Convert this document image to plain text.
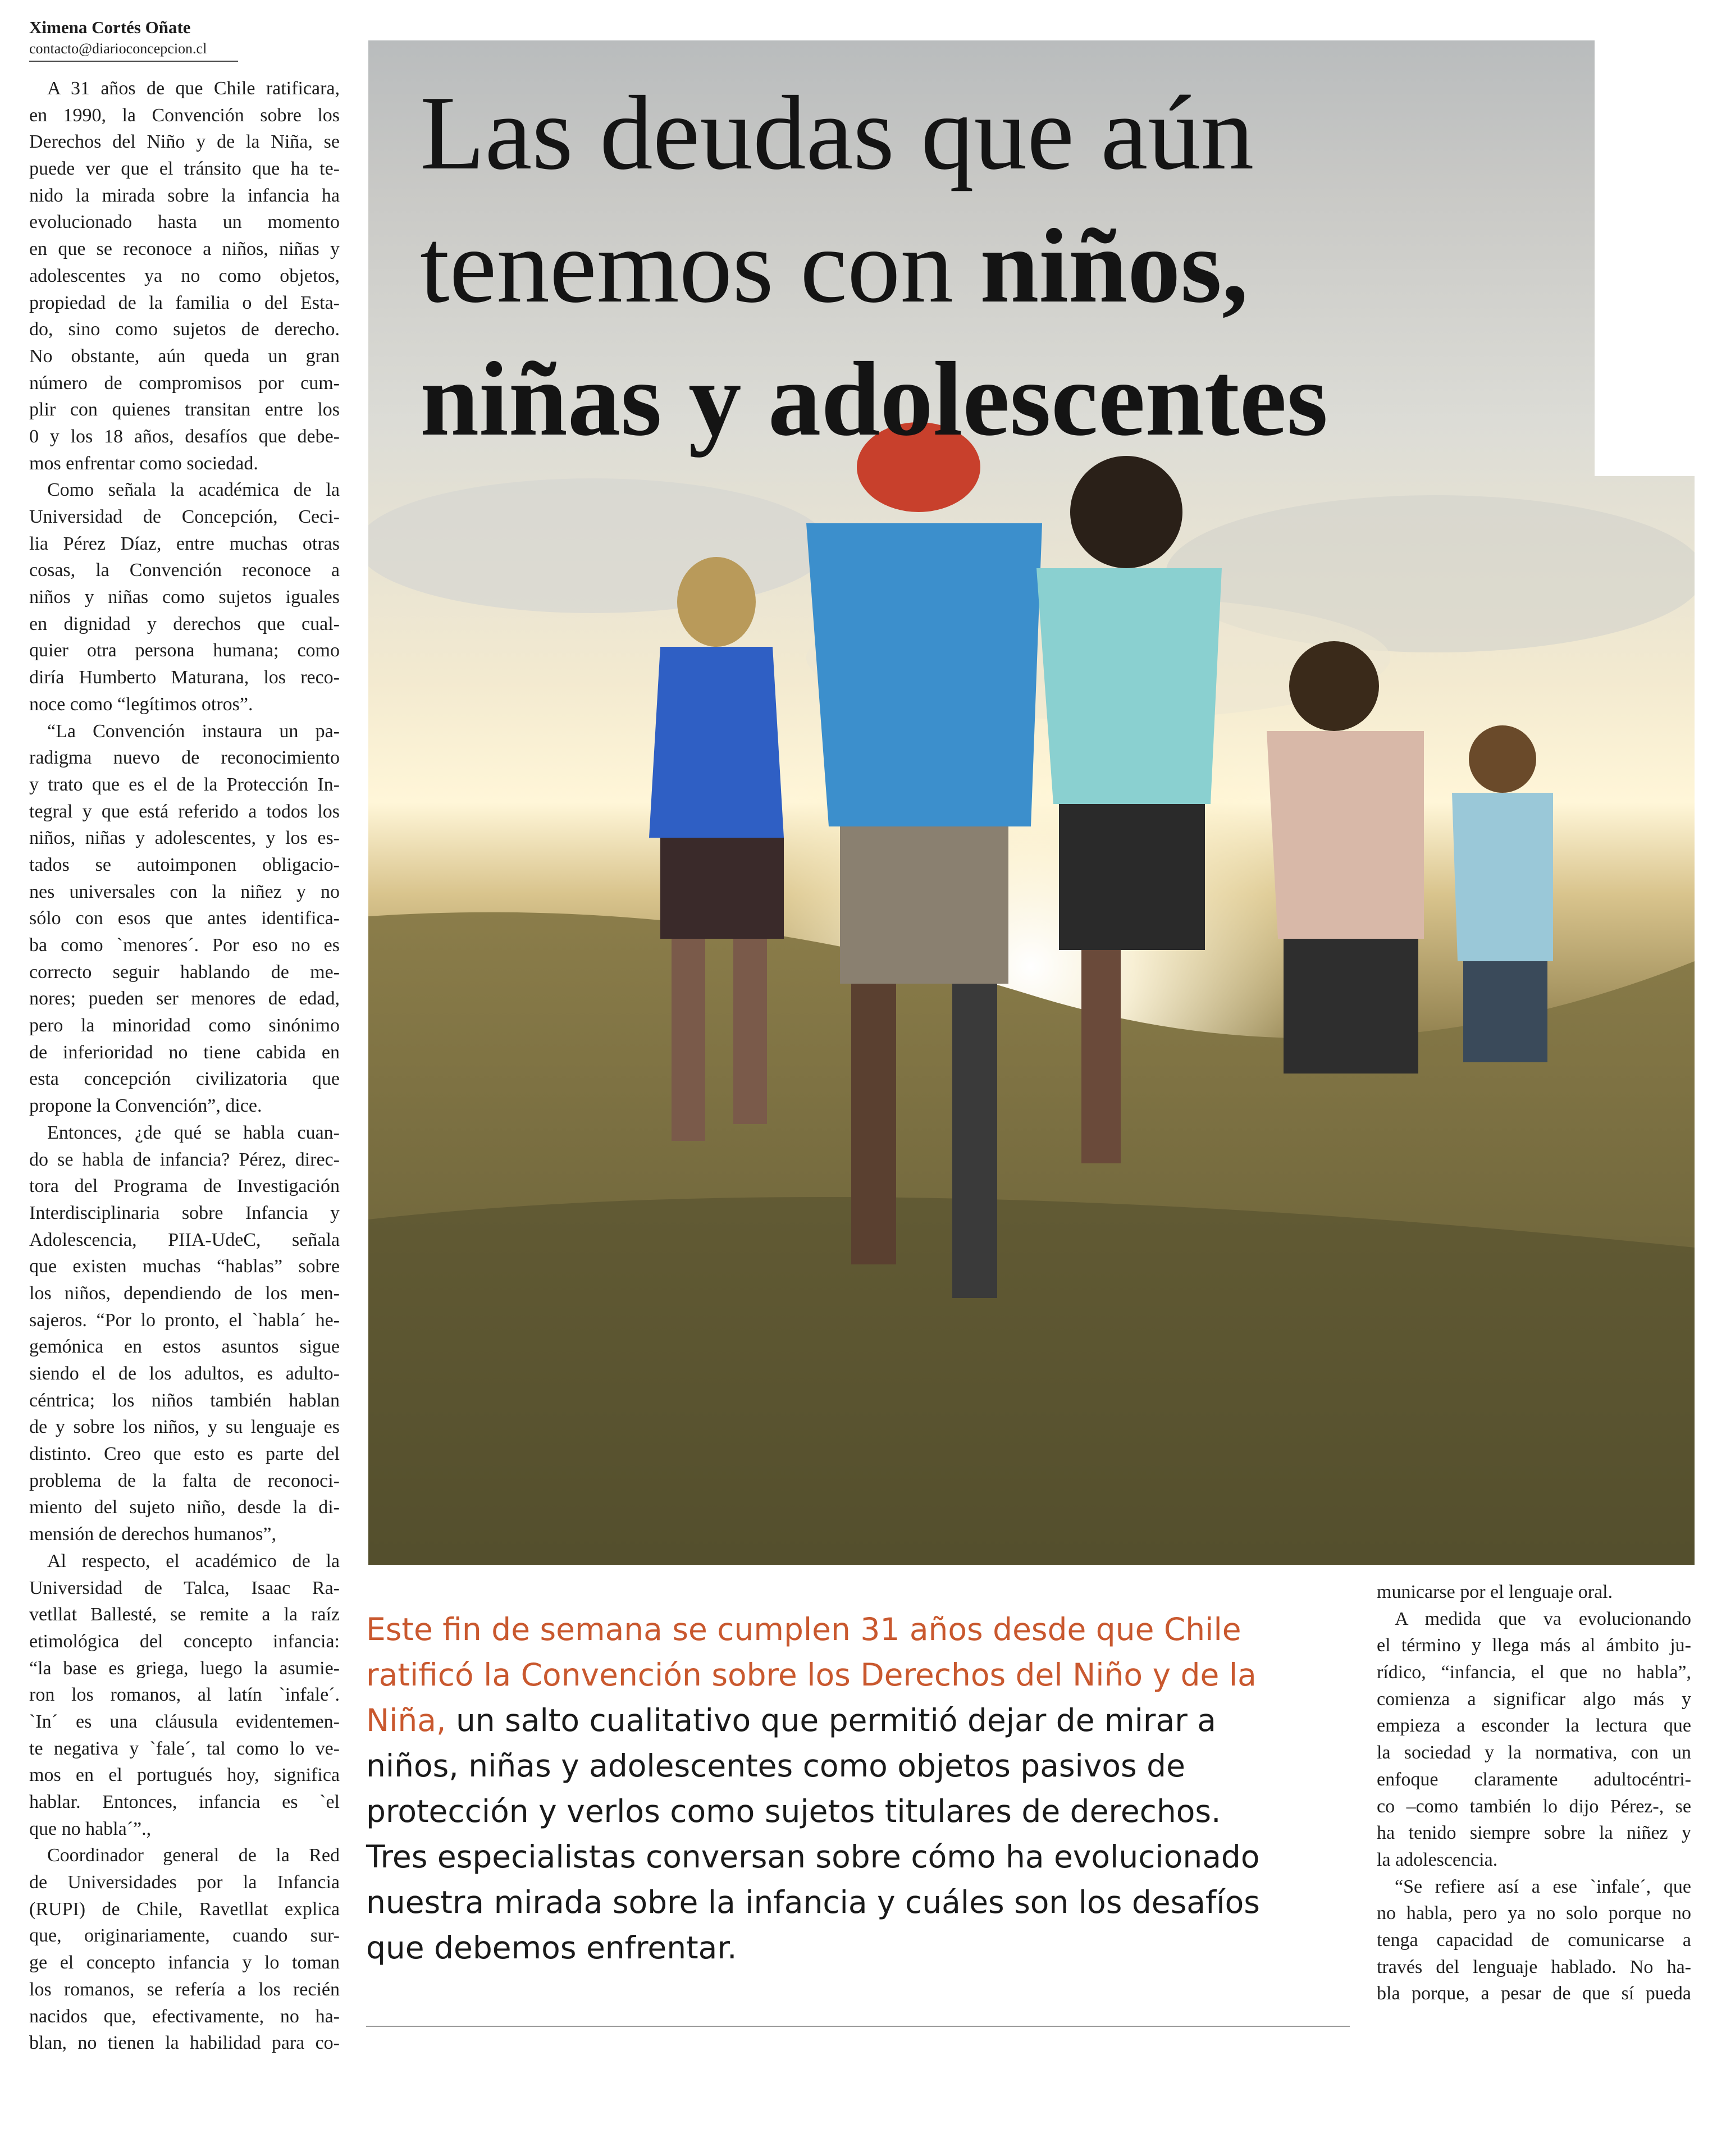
Ximena Cortés Oñate
contacto@diarioconcepcion.cl
Las deudas que aún
tenemos con niños,
niñas y adolescentes

A 31 años de que Chile ratificara,
en 1990, la Convención sobre los
Derechos del Niño y de la Niña, se
puede ver que el tránsito que ha te-
nido la mirada sobre la infancia ha
evolucionado hasta un momento
en que se reconoce a niños, niñas y
adolescentes ya no como objetos,
propiedad de la familia o del Esta-
do, sino como sujetos de derecho.
No obstante, aún queda un gran
número de compromisos por cum-
plir con quienes transitan entre los
0 y los 18 años, desafíos que debe-
mos enfrentar como sociedad.

Como señala la académica de la
Universidad de Concepción, Ceci-
lia Pérez Díaz, entre muchas otras
cosas, la Convención reconoce a
niños y niñas como sujetos iguales
en dignidad y derechos que cual-
quier otra persona humana; como
diría Humberto Maturana, los reco-
noce como “legítimos otros”.

“La Convención instaura un pa-
radigma nuevo de reconocimiento
y trato que es el de la Protección In-
tegral y que está referido a todos los
niños, niñas y adolescentes, y los es-
tados se autoimponen obligacio-
nes universales con la niñez y no
sólo con esos que antes identifica-
ba como `menores´. Por eso no es
correcto seguir hablando de me-
nores; pueden ser menores de edad,
pero la minoridad como sinónimo
de inferioridad no tiene cabida en
esta concepción civilizatoria que
propone la Convención”, dice.

Entonces, ¿de qué se habla cuan-
do se habla de infancia? Pérez, direc-
tora del Programa de Investigación
Interdisciplinaria sobre Infancia y
Adolescencia, PIIA-UdeC, señala
que existen muchas “hablas” sobre
los niños, dependiendo de los men-
sajeros. “Por lo pronto, el `habla´ he-
gemónica en estos asuntos sigue
siendo el de los adultos, es adulto-
céntrica; los niños también hablan
de y sobre los niños, y su lenguaje es
distinto. Creo que esto es parte del
problema de la falta de reconoci-
miento del sujeto niño, desde la di-
mensión de derechos humanos”,

Al respecto, el académico de la
Universidad de Talca, Isaac Ra-
vetllat Ballesté, se remite a la raíz
etimológica del concepto infancia:
“la base es griega, luego la asumie-
ron los romanos, al latín `infale´.
`In´ es una cláusula evidentemen-
te negativa y `fale´, tal como lo ve-
mos en el portugués hoy, significa
hablar. Entonces, infancia es `el
que no habla´”.,

Coordinador general de la Red
de Universidades por la Infancia
(RUPI) de Chile, Ravetllat explica
que, originariamente, cuando sur-
ge el concepto infancia y lo toman
los romanos, se refería a los recién
nacidos que, efectivamente, no ha-
blan, no tienen la habilidad para co-

Este fin de semana se cumplen 31 años desde que Chile
ratificó la Convención sobre los Derechos del Niño y de la
Niña, un salto cualitativo que permitió dejar de mirar a
niños, niñas y adolescentes como objetos pasivos de
protección y verlos como sujetos titulares de derechos.
Tres especialistas conversan sobre cómo ha evolucionado
nuestra mirada sobre la infancia y cuáles son los desafíos
que debemos enfrentar.

municarse por el lenguaje oral.

A medida que va evolucionando
el término y llega más al ámbito ju-
rídico, “infancia, el que no habla”,
comienza a significar algo más y
empieza a esconder la lectura que
la sociedad y la normativa, con un
enfoque claramente adultocéntri-
co –como también lo dijo Pérez-, se
ha tenido siempre sobre la niñez y
la adolescencia.

“Se refiere así a ese `infale´, que
no habla, pero ya no solo porque no
tenga capacidad de comunicarse a
través del lenguaje hablado. No ha-
bla porque, a pesar de que sí pueda
